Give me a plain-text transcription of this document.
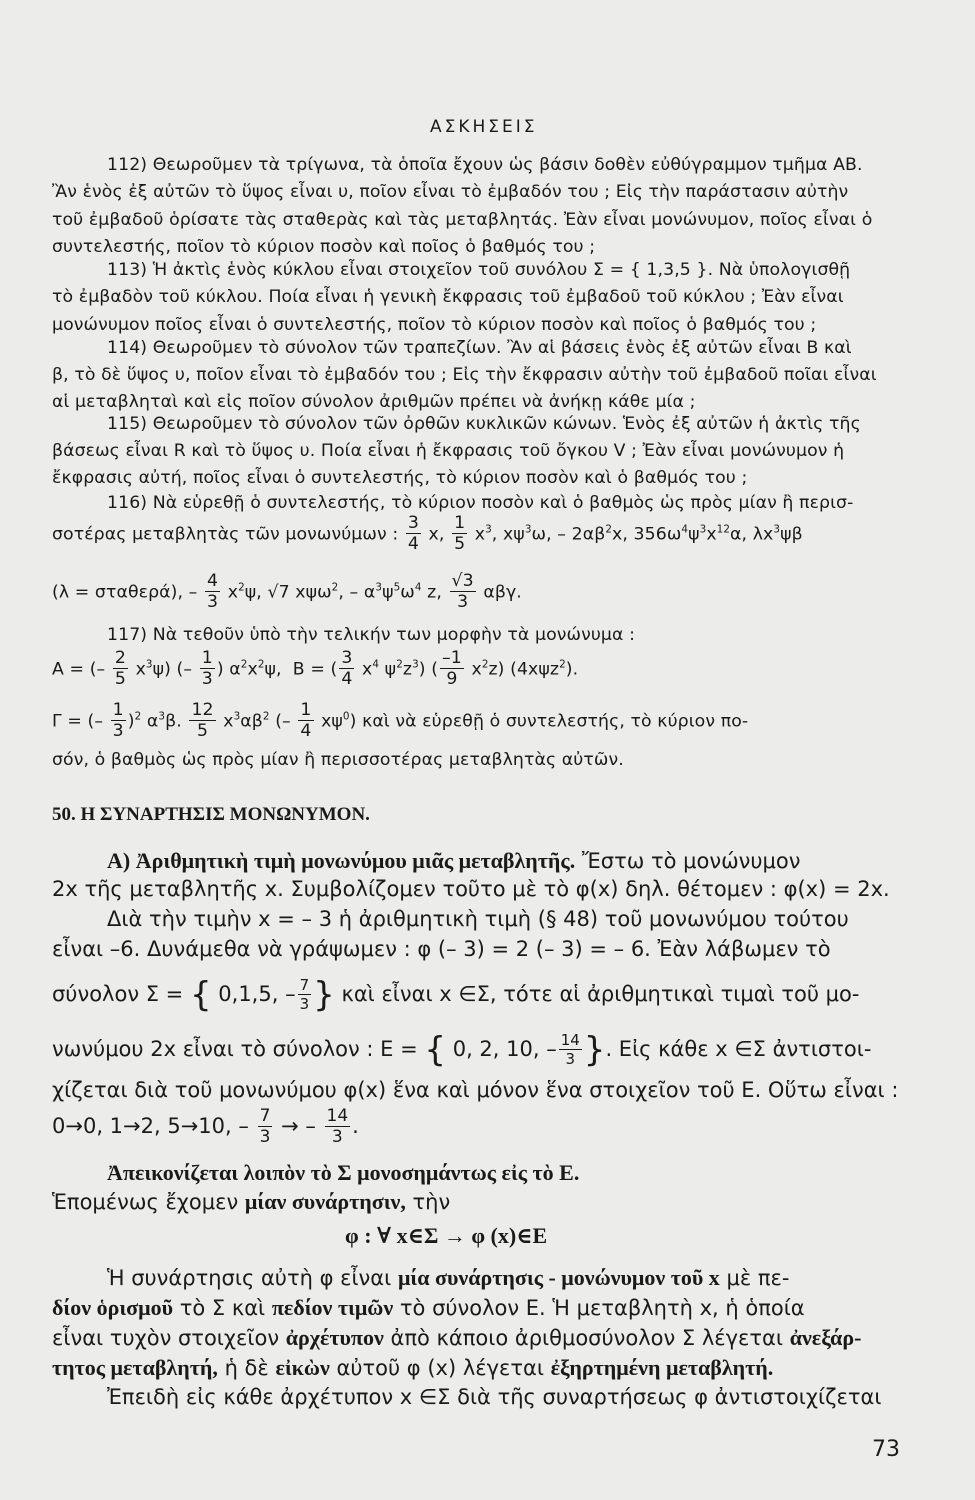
ΑΣΚΗΣΕΙΣ
112) Θεωροῦμεν τὰ τρίγωνα, τὰ ὁποῖα ἔχουν ὡς βάσιν δοθὲν εὐθύγραμμον τμῆμα ΑΒ.
Ἂν ἑνὸς ἐξ αὐτῶν τὸ ὕψος εἶναι υ, ποῖον εἶναι τὸ ἐμβαδόν του ; Εἰς τὴν παράστασιν αὐτὴν
τοῦ ἐμβαδοῦ ὁρίσατε τὰς σταθερὰς καὶ τὰς μεταβλητάς. Ἐὰν εἶναι μονώνυμον, ποῖος εἶναι ὁ
συντελεστής, ποῖον τὸ κύριον ποσὸν καὶ ποῖος ὁ βαθμός του ;
113) Ἡ ἀκτὶς ἑνὸς κύκλου εἶναι στοιχεῖον τοῦ συνόλου Σ = { 1,3,5 }. Νὰ ὑπολογισθῇ
τὸ ἐμβαδὸν τοῦ κύκλου. Ποία εἶναι ἡ γενικὴ ἔκφρασις τοῦ ἐμβαδοῦ τοῦ κύκλου ; Ἐὰν εἶναι
μονώνυμον ποῖος εἶναι ὁ συντελεστής, ποῖον τὸ κύριον ποσὸν καὶ ποῖος ὁ βαθμός του ;
114) Θεωροῦμεν τὸ σύνολον τῶν τραπεζίων. Ἂν αἱ βάσεις ἑνὸς ἐξ αὐτῶν εἶναι Β καὶ
β, τὸ δὲ ὕψος υ, ποῖον εἶναι τὸ ἐμβαδόν του ; Εἰς τὴν ἔκφρασιν αὐτὴν τοῦ ἐμβαδοῦ ποῖαι εἶναι
αἱ μεταβληταὶ καὶ εἰς ποῖον σύνολον ἀριθμῶν πρέπει νὰ ἀνήκῃ κάθε μία ;
115) Θεωροῦμεν τὸ σύνολον τῶν ὀρθῶν κυκλικῶν κώνων. Ἑνὸς ἐξ αὐτῶν ἡ ἀκτὶς τῆς
βάσεως εἶναι R καὶ τὸ ὕψος υ. Ποία εἶναι ἡ ἔκφρασις τοῦ ὄγκου V ; Ἐὰν εἶναι μονώνυμον ἡ
ἔκφρασις αὐτή, ποῖος εἶναι ὁ συντελεστής, τὸ κύριον ποσὸν καὶ ὁ βαθμός του ;
116) Νὰ εὑρεθῇ ὁ συντελεστής, τὸ κύριον ποσὸν καὶ ὁ βαθμὸς ὡς πρὸς μίαν ἢ περισ-
σοτέρας μεταβλητὰς τῶν μονωνύμων : $\frac{3}{4} x$, $\frac{1}{5} x^3$, $x\psi^3\omega$, – $2\alpha\beta^2x$, $356\omega^4\psi^3x^{12}\alpha$, $\lambda x^3\psi\beta$
(λ = σταθερά), – $\frac{4}{3} x^2\psi$, √7 xψω$^2$, – $\alpha^3\psi^5\omega^4$ z, $\frac{√3}{3} \alpha\beta\gamma$.
117) Νὰ τεθοῦν ὑπὸ τὴν τελικήν των μορφὴν τὰ μονώνυμα :
A = (– $\frac{2}{5} x^3\psi$) (– $\frac{1}{3}$ ) $\alpha^2x^2\psi$,  B = ( $\frac{3}{4} x^4$ $\psi^2z^3$) ( $\frac{-1}{9} x^2z$) (4xψz$^2$).
Γ = (– $\frac{1}{3} )^2$ $\alpha^3\beta$. $\frac{12}{5} x^3\alpha\beta^2$ (– $\frac{1}{4} x\psi^0$) καὶ νὰ εὑρεθῇ ὁ συντελεστής, τὸ κύριον πο-
σόν, ὁ βαθμὸς ὡς πρὸς μίαν ἢ περισσοτέρας μεταβλητὰς αὐτῶν.
50. Η ΣΥΝΑΡΤΗΣΙΣ ΜΟΝΩΝΥΜΟΝ.
Α) Ἀριθμητικὴ τιμὴ μονωνύμου μιᾶς μεταβλητῆς. Ἔστω τὸ μονώνυμον
2x τῆς μεταβλητῆς x. Συμβολίζομεν τοῦτο μὲ τὸ φ(x) δηλ. θέτομεν : φ(x) = 2x.
Διὰ τὴν τιμὴν x = – 3 ἡ ἀριθμητικὴ τιμὴ (§ 48) τοῦ μονωνύμου τούτου
εἶναι –6. Δυνάμεθα νὰ γράψωμεν : φ (– 3) = 2 (– 3) = – 6. Ἐὰν λάβωμεν τὸ
σύνολον Σ = { 0,1,5, – $\frac{7}{3}$ } καὶ εἶναι x ∈Σ, τότε αἱ ἀριθμητικαὶ τιμαὶ τοῦ μο-
νωνύμου 2x εἶναι τὸ σύνολον : Ε = { 0, 2, 10, – $\frac{14}{3}$ }. Εἰς κάθε x ∈Σ ἀντιστοι-
χίζεται διὰ τοῦ μονωνύμου φ(x) ἕνα καὶ μόνον ἕνα στοιχεῖον τοῦ Ε. Οὕτω εἶναι :
0→0, 1→2, 5→10, – $\frac{7}{3}$ → – $\frac{14}{3}$ .
Ἀπεικονίζεται λοιπὸν τὸ Σ μονοσημάντως εἰς τὸ Ε.
Ἑπομένως ἔχομεν μίαν συνάρτησιν, τὴν
φ : ∀ x∈Σ → φ (x)∈E
Ἡ συνάρτησις αὐτὴ φ εἶναι μία συνάρτησις - μονώνυμον τοῦ x μὲ πε-
δίον ὁρισμοῦ τὸ Σ καὶ πεδίον τιμῶν τὸ σύνολον Ε. Ἡ μεταβλητὴ x, ἡ ὁποία
εἶναι τυχὸν στοιχεῖον ἀρχέτυπον ἀπὸ κάποιο ἀριθμοσύνολον Σ λέγεται ἀνεξάρ-
τητος μεταβλητή, ἡ δὲ εἰκὼν αὐτοῦ φ (x) λέγεται ἐξηρτημένη μεταβλητή.
Ἐπειδὴ εἰς κάθε ἀρχέτυπον x ∈Σ διὰ τῆς συναρτήσεως φ ἀντιστοιχίζεται
73
